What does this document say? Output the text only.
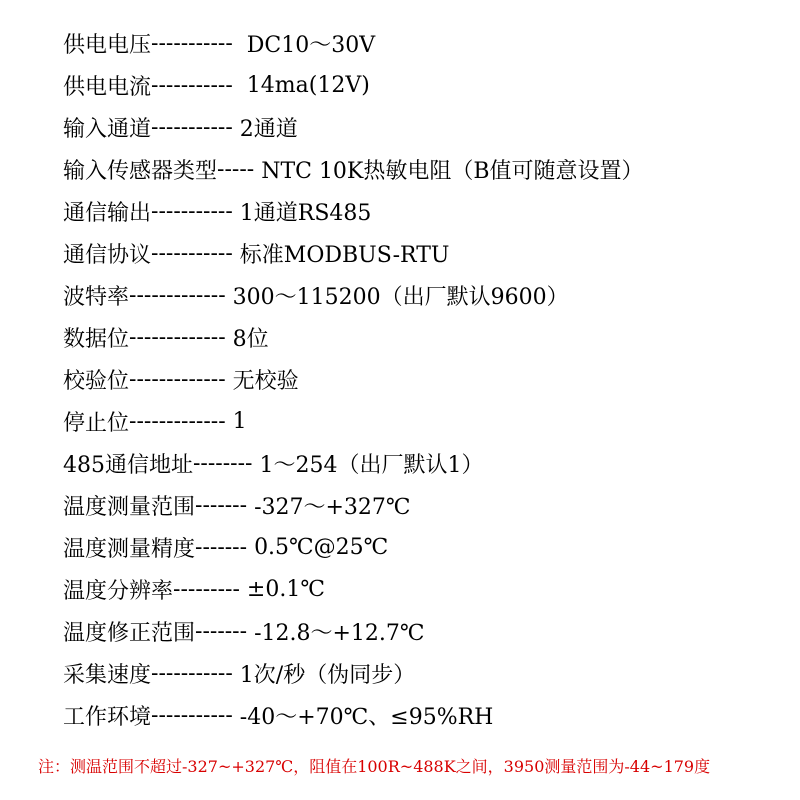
供电电压 -----------
DC10～30V
供电电流 -----------
14ma(12V)
输入通道 -----------
2通道
输入传感器类型 -----
NTC 10K热敏电阻（B值可随意设置）
通信输出 -----------
1通道RS485
通信协议 -----------
标准MODBUS-RTU
波特率 -------------
300～115200（出厂默认9600）
数据位 -------------
8位
校验位 -------------
无校验
停止位 -------------
1
485通信地址 --------
1～254（出厂默认1）
温度测量范围 -------
-327～+327℃
温度测量精度 -------
0.5℃@25℃
温度分辨率 ---------
±0.1℃
温度修正范围 -------
-12.8～+12.7℃
采集速度 -----------
1次/秒（伪同步）
工作环境 -----------
-40～+70℃、≤95%RH
注：测温范围不超过-327~+327℃，阻值在100R~488K之间，3950测量范围为-44~179度
